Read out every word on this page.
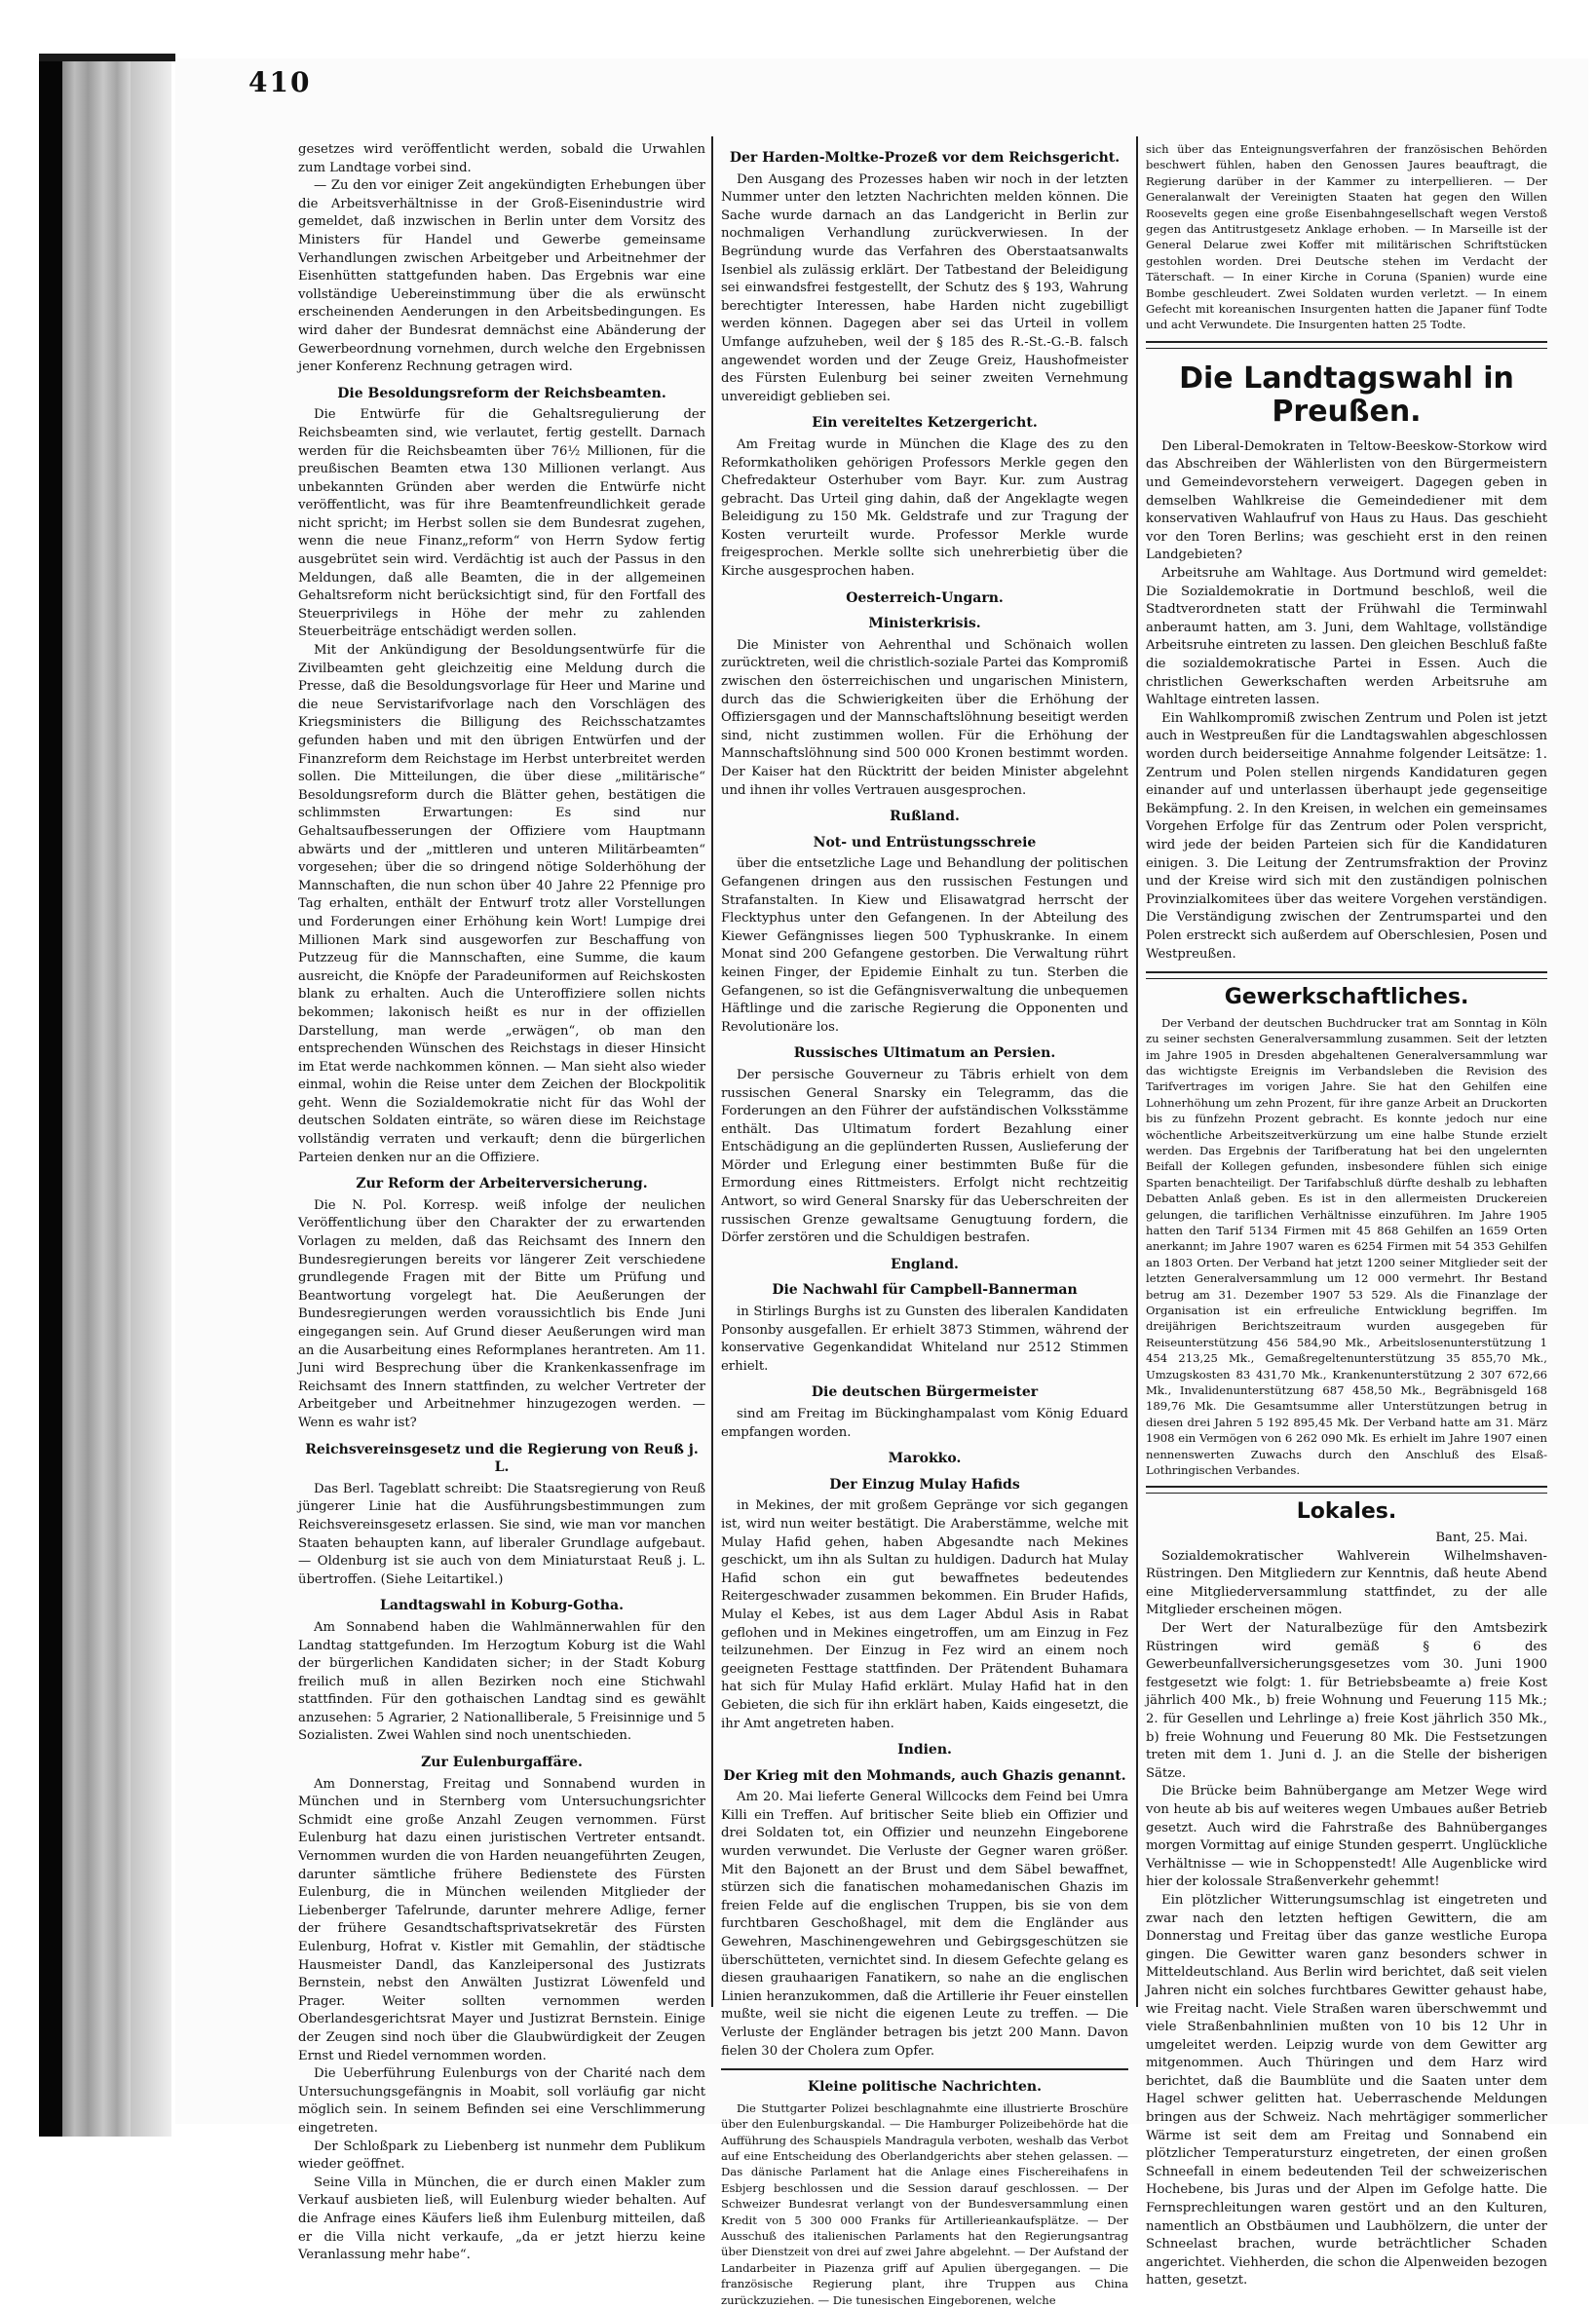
410

gesetzes wird veröffentlicht werden, sobald die Urwahlen zum Landtage vorbei sind.

— Zu den vor einiger Zeit angekündigten Erhebungen über die Arbeitsverhältnisse in der Groß-Eisenindustrie wird gemeldet, daß inzwischen in Berlin unter dem Vorsitz des Ministers für Handel und Gewerbe gemeinsame Verhandlungen zwischen Arbeitgeber und Arbeitnehmer der Eisenhütten stattgefunden haben. Das Ergebnis war eine vollständige Uebereinstimmung über die als erwünscht erscheinenden Aenderungen in den Arbeitsbedingungen. Es wird daher der Bundesrat demnächst eine Abänderung der Gewerbeordnung vornehmen, durch welche den Ergebnissen jener Konferenz Rechnung getragen wird.

Die Besoldungsreform der Reichsbeamten.

Die Entwürfe für die Gehaltsregulierung der Reichsbeamten sind, wie verlautet, fertig gestellt. Darnach werden für die Reichsbeamten über 76½ Millionen, für die preußischen Beamten etwa 130 Millionen verlangt. Aus unbekannten Gründen aber werden die Entwürfe nicht veröffentlicht, was für ihre Beamtenfreundlichkeit gerade nicht spricht; im Herbst sollen sie dem Bundesrat zugehen, wenn die neue Finanz„reform“ von Herrn Sydow fertig ausgebrütet sein wird. Verdächtig ist auch der Passus in den Meldungen, daß alle Beamten, die in der allgemeinen Gehaltsreform nicht berücksichtigt sind, für den Fortfall des Steuerprivilegs in Höhe der mehr zu zahlenden Steuerbeiträge entschädigt werden sollen.

Mit der Ankündigung der Besoldungsentwürfe für die Zivilbeamten geht gleichzeitig eine Meldung durch die Presse, daß die Besoldungsvorlage für Heer und Marine und die neue Servistarifvorlage nach den Vorschlägen des Kriegsministers die Billigung des Reichsschatzamtes gefunden haben und mit den übrigen Entwürfen und der Finanzreform dem Reichstage im Herbst unterbreitet werden sollen. Die Mitteilungen, die über diese „militärische“ Besoldungsreform durch die Blätter gehen, bestätigen die schlimmsten Erwartungen: Es sind nur Gehaltsaufbesserungen der Offiziere vom Hauptmann abwärts und der „mittleren und unteren Militärbeamten“ vorgesehen; über die so dringend nötige Solderhöhung der Mannschaften, die nun schon über 40 Jahre 22 Pfennige pro Tag erhalten, enthält der Entwurf trotz aller Vorstellungen und Forderungen einer Erhöhung kein Wort! Lumpige drei Millionen Mark sind ausgeworfen zur Beschaffung von Putzzeug für die Mannschaften, eine Summe, die kaum ausreicht, die Knöpfe der Paradeuniformen auf Reichskosten blank zu erhalten. Auch die Unteroffiziere sollen nichts bekommen; lakonisch heißt es nur in der offiziellen Darstellung, man werde „erwägen“, ob man den entsprechenden Wünschen des Reichstags in dieser Hinsicht im Etat werde nachkommen können. — Man sieht also wieder einmal, wohin die Reise unter dem Zeichen der Blockpolitik geht. Wenn die Sozialdemokratie nicht für das Wohl der deutschen Soldaten einträte, so wären diese im Reichstage vollständig verraten und verkauft; denn die bürgerlichen Parteien denken nur an die Offiziere.

Zur Reform der Arbeiterversicherung.

Die N. Pol. Korresp. weiß infolge der neulichen Veröffentlichung über den Charakter der zu erwartenden Vorlagen zu melden, daß das Reichsamt des Innern den Bundesregierungen bereits vor längerer Zeit verschiedene grundlegende Fragen mit der Bitte um Prüfung und Beantwortung vorgelegt hat. Die Aeußerungen der Bundesregierungen werden voraussichtlich bis Ende Juni eingegangen sein. Auf Grund dieser Aeußerungen wird man an die Ausarbeitung eines Reformplanes herantreten. Am 11. Juni wird Besprechung über die Krankenkassenfrage im Reichsamt des Innern stattfinden, zu welcher Vertreter der Arbeitgeber und Arbeitnehmer hinzugezogen werden. — Wenn es wahr ist?

Reichsvereinsgesetz und die Regierung von Reuß j. L.

Das Berl. Tageblatt schreibt: Die Staatsregierung von Reuß jüngerer Linie hat die Ausführungsbestimmungen zum Reichsvereinsgesetz erlassen. Sie sind, wie man vor manchen Staaten behaupten kann, auf liberaler Grundlage aufgebaut. — Oldenburg ist sie auch von dem Miniaturstaat Reuß j. L. übertroffen. (Siehe Leitartikel.)

Landtagswahl in Koburg-Gotha.

Am Sonnabend haben die Wahlmännerwahlen für den Landtag stattgefunden. Im Herzogtum Koburg ist die Wahl der bürgerlichen Kandidaten sicher; in der Stadt Koburg freilich muß in allen Bezirken noch eine Stichwahl stattfinden. Für den gothaischen Landtag sind es gewählt anzusehen: 5 Agrarier, 2 Nationalliberale, 5 Freisinnige und 5 Sozialisten. Zwei Wahlen sind noch unentschieden.

Zur Eulenburgaffäre.

Am Donnerstag, Freitag und Sonnabend wurden in München und in Sternberg vom Untersuchungsrichter Schmidt eine große Anzahl Zeugen vernommen. Fürst Eulenburg hat dazu einen juristischen Vertreter entsandt. Vernommen wurden die von Harden neuangeführten Zeugen, darunter sämtliche frühere Bedienstete des Fürsten Eulenburg, die in München weilenden Mitglieder der Liebenberger Tafelrunde, darunter mehrere Adlige, ferner der frühere Gesandtschaftsprivatsekretär des Fürsten Eulenburg, Hofrat v. Kistler mit Gemahlin, der städtische Hausmeister Dandl, das Kanzleipersonal des Justizrats Bernstein, nebst den Anwälten Justizrat Löwenfeld und Prager. Weiter sollten vernommen werden Oberlandesgerichtsrat Mayer und Justizrat Bernstein. Einige der Zeugen sind noch über die Glaubwürdigkeit der Zeugen Ernst und Riedel vernommen worden.

Die Ueberführung Eulenburgs von der Charité nach dem Untersuchungsgefängnis in Moabit, soll vorläufig gar nicht möglich sein. In seinem Befinden sei eine Verschlimmerung eingetreten.

Der Schloßpark zu Liebenberg ist nunmehr dem Publikum wieder geöffnet.

Seine Villa in München, die er durch einen Makler zum Verkauf ausbieten ließ, will Eulenburg wieder behalten. Auf die Anfrage eines Käufers ließ ihm Eulenburg mitteilen, daß er die Villa nicht verkaufe, „da er jetzt hierzu keine Veranlassung mehr habe“.

Der Harden-Moltke-Prozeß vor dem Reichsgericht.

Den Ausgang des Prozesses haben wir noch in der letzten Nummer unter den letzten Nachrichten melden können. Die Sache wurde darnach an das Landgericht in Berlin zur nochmaligen Verhandlung zurückverwiesen. In der Begründung wurde das Verfahren des Oberstaatsanwalts Isenbiel als zulässig erklärt. Der Tatbestand der Beleidigung sei einwandsfrei festgestellt, der Schutz des § 193, Wahrung berechtigter Interessen, habe Harden nicht zugebilligt werden können. Dagegen aber sei das Urteil in vollem Umfange aufzuheben, weil der § 185 des R.-St.-G.-B. falsch angewendet worden und der Zeuge Greiz, Haushofmeister des Fürsten Eulenburg bei seiner zweiten Vernehmung unvereidigt geblieben sei.

Ein vereiteltes Ketzergericht.

Am Freitag wurde in München die Klage des zu den Reformkatholiken gehörigen Professors Merkle gegen den Chefredakteur Osterhuber vom Bayr. Kur. zum Austrag gebracht. Das Urteil ging dahin, daß der Angeklagte wegen Beleidigung zu 150 Mk. Geldstrafe und zur Tragung der Kosten verurteilt wurde. Professor Merkle wurde freigesprochen. Merkle sollte sich unehrerbietig über die Kirche ausgesprochen haben.

Oesterreich-Ungarn.
Ministerkrisis.

Die Minister von Aehrenthal und Schönaich wollen zurücktreten, weil die christlich-soziale Partei das Kompromiß zwischen den österreichischen und ungarischen Ministern, durch das die Schwierigkeiten über die Erhöhung der Offiziersgagen und der Mannschaftslöhnung beseitigt werden sind, nicht zustimmen wollen. Für die Erhöhung der Mannschaftslöhnung sind 500 000 Kronen bestimmt worden. Der Kaiser hat den Rücktritt der beiden Minister abgelehnt und ihnen ihr volles Vertrauen ausgesprochen.

Rußland.
Not- und Entrüstungsschreie

über die entsetzliche Lage und Behandlung der politischen Gefangenen dringen aus den russischen Festungen und Strafanstalten. In Kiew und Elisawatgrad herrscht der Flecktyphus unter den Gefangenen. In der Abteilung des Kiewer Gefängnisses liegen 500 Typhuskranke. In einem Monat sind 200 Gefangene gestorben. Die Verwaltung rührt keinen Finger, der Epidemie Einhalt zu tun. Sterben die Gefangenen, so ist die Gefängnisverwaltung die unbequemen Häftlinge und die zarische Regierung die Opponenten und Revolutionäre los.

Russisches Ultimatum an Persien.

Der persische Gouverneur zu Täbris erhielt von dem russischen General Snarsky ein Telegramm, das die Forderungen an den Führer der aufständischen Volksstämme enthält. Das Ultimatum fordert Bezahlung einer Entschädigung an die geplünderten Russen, Auslieferung der Mörder und Erlegung einer bestimmten Buße für die Ermordung eines Rittmeisters. Erfolgt nicht rechtzeitig Antwort, so wird General Snarsky für das Ueberschreiten der russischen Grenze gewaltsame Genugtuung fordern, die Dörfer zerstören und die Schuldigen bestrafen.

England.
Die Nachwahl für Campbell-Bannerman

in Stirlings Burghs ist zu Gunsten des liberalen Kandidaten Ponsonby ausgefallen. Er erhielt 3873 Stimmen, während der konservative Gegenkandidat Whiteland nur 2512 Stimmen erhielt.

Die deutschen Bürgermeister

sind am Freitag im Bückinghampalast vom König Eduard empfangen worden.

Marokko.
Der Einzug Mulay Hafids

in Mekines, der mit großem Gepränge vor sich gegangen ist, wird nun weiter bestätigt. Die Araberstämme, welche mit Mulay Hafid gehen, haben Abgesandte nach Mekines geschickt, um ihn als Sultan zu huldigen. Dadurch hat Mulay Hafid schon ein gut bewaffnetes bedeutendes Reitergeschwader zusammen bekommen. Ein Bruder Hafids, Mulay el Kebes, ist aus dem Lager Abdul Asis in Rabat geflohen und in Mekines eingetroffen, um am Einzug in Fez teilzunehmen. Der Einzug in Fez wird an einem noch geeigneten Festtage stattfinden. Der Prätendent Buhamara hat sich für Mulay Hafid erklärt. Mulay Hafid hat in den Gebieten, die sich für ihn erklärt haben, Kaids eingesetzt, die ihr Amt angetreten haben.

Indien.
Der Krieg mit den Mohmands, auch Ghazis genannt.

Am 20. Mai lieferte General Willcocks dem Feind bei Umra Killi ein Treffen. Auf britischer Seite blieb ein Offizier und drei Soldaten tot, ein Offizier und neunzehn Eingeborene wurden verwundet. Die Verluste der Gegner waren größer. Mit den Bajonett an der Brust und dem Säbel bewaffnet, stürzen sich die fanatischen mohamedanischen Ghazis im freien Felde auf die englischen Truppen, bis sie von dem furchtbaren Geschoßhagel, mit dem die Engländer aus Gewehren, Maschinengewehren und Gebirgsgeschützen sie überschütteten, vernichtet sind. In diesem Gefechte gelang es diesen grauhaarigen Fanatikern, so nahe an die englischen Linien heranzukommen, daß die Artillerie ihr Feuer einstellen mußte, weil sie nicht die eigenen Leute zu treffen. — Die Verluste der Engländer betragen bis jetzt 200 Mann. Davon fielen 30 der Cholera zum Opfer.

Kleine politische Nachrichten.

Die Stuttgarter Polizei beschlagnahmte eine illustrierte Broschüre über den Eulenburgskandal. — Die Hamburger Polizeibehörde hat die Aufführung des Schauspiels Mandragula verboten, weshalb das Verbot auf eine Entscheidung des Oberlandgerichts aber stehen gelassen. — Das dänische Parlament hat die Anlage eines Fischereihafens in Esbjerg beschlossen und die Session darauf geschlossen. — Der Schweizer Bundesrat verlangt von der Bundesversammlung einen Kredit von 5 300 000 Franks für Artillerieankaufsplätze. — Der Ausschuß des italienischen Parlaments hat den Regierungsantrag über Dienstzeit von drei auf zwei Jahre abgelehnt. — Der Aufstand der Landarbeiter in Piazenza griff auf Apulien übergegangen. — Die französische Regierung plant, ihre Truppen aus China zurückzuziehen. — Die tunesischen Eingeborenen, welche

sich über das Enteignungsverfahren der französischen Behörden beschwert fühlen, haben den Genossen Jaures beauftragt, die Regierung darüber in der Kammer zu interpellieren. — Der Generalanwalt der Vereinigten Staaten hat gegen den Willen Roosevelts gegen eine große Eisenbahngesellschaft wegen Verstoß gegen das Antitrustgesetz Anklage erhoben. — In Marseille ist der General Delarue zwei Koffer mit militärischen Schriftstücken gestohlen worden. Drei Deutsche stehen im Verdacht der Täterschaft. — In einer Kirche in Coruna (Spanien) wurde eine Bombe geschleudert. Zwei Soldaten wurden verletzt. — In einem Gefecht mit koreanischen Insurgenten hatten die Japaner fünf Todte und acht Verwundete. Die Insurgenten hatten 25 Todte.

Die Landtagswahl in Preußen.

Den Liberal-Demokraten in Teltow-Beeskow-Storkow wird das Abschreiben der Wählerlisten von den Bürgermeistern und Gemeindevorstehern verweigert. Dagegen geben in demselben Wahlkreise die Gemeindediener mit dem konservativen Wahlaufruf von Haus zu Haus. Das geschieht vor den Toren Berlins; was geschieht erst in den reinen Landgebieten?

Arbeitsruhe am Wahltage. Aus Dortmund wird gemeldet: Die Sozialdemokratie in Dortmund beschloß, weil die Stadtverordneten statt der Frühwahl die Terminwahl anberaumt hatten, am 3. Juni, dem Wahltage, vollständige Arbeitsruhe eintreten zu lassen. Den gleichen Beschluß faßte die sozialdemokratische Partei in Essen. Auch die christlichen Gewerkschaften werden Arbeitsruhe am Wahltage eintreten lassen.

Ein Wahlkompromiß zwischen Zentrum und Polen ist jetzt auch in Westpreußen für die Landtagswahlen abgeschlossen worden durch beiderseitige Annahme folgender Leitsätze: 1. Zentrum und Polen stellen nirgends Kandidaturen gegen einander auf und unterlassen überhaupt jede gegenseitige Bekämpfung. 2. In den Kreisen, in welchen ein gemeinsames Vorgehen Erfolge für das Zentrum oder Polen verspricht, wird jede der beiden Parteien sich für die Kandidaturen einigen. 3. Die Leitung der Zentrumsfraktion der Provinz und der Kreise wird sich mit den zuständigen polnischen Provinzialkomitees über das weitere Vorgehen verständigen. Die Verständigung zwischen der Zentrumspartei und den Polen erstreckt sich außerdem auf Oberschlesien, Posen und Westpreußen.

Gewerkschaftliches.

Der Verband der deutschen Buchdrucker trat am Sonntag in Köln zu seiner sechsten Generalversammlung zusammen. Seit der letzten im Jahre 1905 in Dresden abgehaltenen Generalversammlung war das wichtigste Ereignis im Verbandsleben die Revision des Tarifvertrages im vorigen Jahre. Sie hat den Gehilfen eine Lohnerhöhung um zehn Prozent, für ihre ganze Arbeit an Druckorten bis zu fünfzehn Prozent gebracht. Es konnte jedoch nur eine wöchentliche Arbeitszeitverkürzung um eine halbe Stunde erzielt werden. Das Ergebnis der Tarifberatung hat bei den ungelernten Beifall der Kollegen gefunden, insbesondere fühlen sich einige Sparten benachteiligt. Der Tarifabschluß dürfte deshalb zu lebhaften Debatten Anlaß geben. Es ist in den allermeisten Druckereien gelungen, die tariflichen Verhältnisse einzuführen. Im Jahre 1905 hatten den Tarif 5134 Firmen mit 45 868 Gehilfen an 1659 Orten anerkannt; im Jahre 1907 waren es 6254 Firmen mit 54 353 Gehilfen an 1803 Orten. Der Verband hat jetzt 1200 seiner Mitglieder seit der letzten Generalversammlung um 12 000 vermehrt. Ihr Bestand betrug am 31. Dezember 1907 53 529. Als die Finanzlage der Organisation ist ein erfreuliche Entwicklung begriffen. Im dreijährigen Berichtszeitraum wurden ausgegeben für Reiseunterstützung 456 584,90 Mk., Arbeitslosenunterstützung 1 454 213,25 Mk., Gemaßregeltenunterstützung 35 855,70 Mk., Umzugskosten 83 431,70 Mk., Krankenunterstützung 2 307 672,66 Mk., Invalidenunterstützung 687 458,50 Mk., Begräbnisgeld 168 189,76 Mk. Die Gesamtsumme aller Unterstützungen betrug in diesen drei Jahren 5 192 895,45 Mk. Der Verband hatte am 31. März 1908 ein Vermögen von 6 262 090 Mk. Es erhielt im Jahre 1907 einen nennenswerten Zuwachs durch den Anschluß des Elsaß-Lothringischen Verbandes.

Lokales.
Bant, 25. Mai.

Sozialdemokratischer Wahlverein Wilhelmshaven-Rüstringen. Den Mitgliedern zur Kenntnis, daß heute Abend eine Mitgliederversammlung stattfindet, zu der alle Mitglieder erscheinen mögen.

Der Wert der Naturalbezüge für den Amtsbezirk Rüstringen wird gemäß § 6 des Gewerbeunfallversicherungsgesetzes vom 30. Juni 1900 festgesetzt wie folgt: 1. für Betriebsbeamte a) freie Kost jährlich 400 Mk., b) freie Wohnung und Feuerung 115 Mk.; 2. für Gesellen und Lehrlinge a) freie Kost jährlich 350 Mk., b) freie Wohnung und Feuerung 80 Mk. Die Festsetzungen treten mit dem 1. Juni d. J. an die Stelle der bisherigen Sätze.

Die Brücke beim Bahnübergange am Metzer Wege wird von heute ab bis auf weiteres wegen Umbaues außer Betrieb gesetzt. Auch wird die Fahrstraße des Bahnüberganges morgen Vormittag auf einige Stunden gesperrt. Unglückliche Verhältnisse — wie in Schoppenstedt! Alle Augenblicke wird hier der kolossale Straßenverkehr gehemmt!

Ein plötzlicher Witterungsumschlag ist eingetreten und zwar nach den letzten heftigen Gewittern, die am Donnerstag und Freitag über das ganze westliche Europa gingen. Die Gewitter waren ganz besonders schwer in Mitteldeutschland. Aus Berlin wird berichtet, daß seit vielen Jahren nicht ein solches furchtbares Gewitter gehaust habe, wie Freitag nacht. Viele Straßen waren überschwemmt und viele Straßenbahnlinien mußten von 10 bis 12 Uhr in umgeleitet werden. Leipzig wurde von dem Gewitter arg mitgenommen. Auch Thüringen und dem Harz wird berichtet, daß die Baumblüte und die Saaten unter dem Hagel schwer gelitten hat. Ueberraschende Meldungen bringen aus der Schweiz. Nach mehrtägiger sommerlicher Wärme ist seit dem am Freitag und Sonnabend ein plötzlicher Temperatursturz eingetreten, der einen großen Schneefall in einem bedeutenden Teil der schweizerischen Hochebene, bis Juras und der Alpen im Gefolge hatte. Die Fernsprechleitungen waren gestört und an den Kulturen, namentlich an Obstbäumen und Laubhölzern, die unter der Schneelast brachen, wurde beträchtlicher Schaden angerichtet. Viehherden, die schon die Alpenweiden bezogen hatten, gesetzt.
